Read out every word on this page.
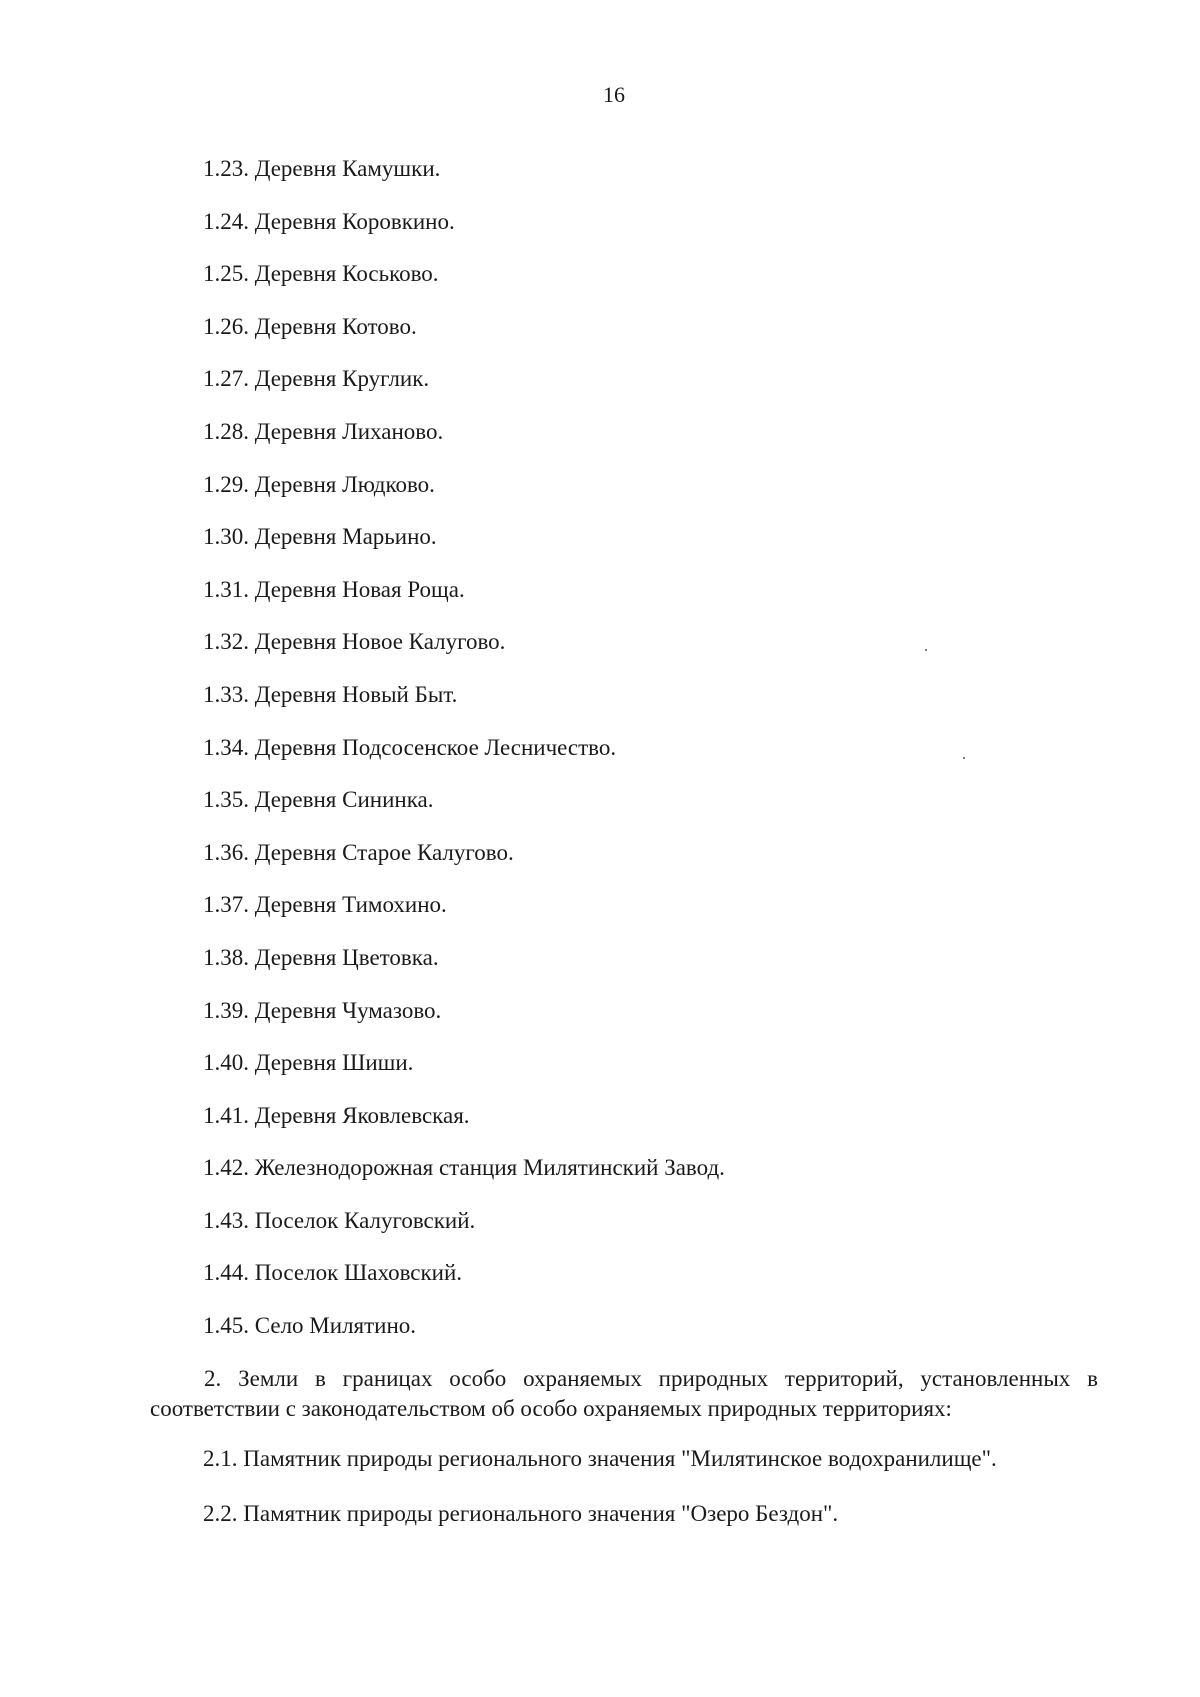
16
1.23. Деревня Камушки.
1.24. Деревня Коровкино.
1.25. Деревня Коськово.
1.26. Деревня Котово.
1.27. Деревня Круглик.
1.28. Деревня Лиханово.
1.29. Деревня Людково.
1.30. Деревня Марьино.
1.31. Деревня Новая Роща.
1.32. Деревня Новое Калугово.
1.33. Деревня Новый Быт.
1.34. Деревня Подсосенское Лесничество.
1.35. Деревня Сининка.
1.36. Деревня Старое Калугово.
1.37. Деревня Тимохино.
1.38. Деревня Цветовка.
1.39. Деревня Чумазово.
1.40. Деревня Шиши.
1.41. Деревня Яковлевская.
1.42. Железнодорожная станция Милятинский Завод.
1.43. Поселок Калуговский.
1.44. Поселок Шаховский.
1.45. Село Милятино.

2. Земли в границах особо охраняемых природных территорий, установленных в соответствии с законодательством об особо охраняемых природных территориях:

2.1. Памятник природы регионального значения "Милятинское водохранилище".

2.2. Памятник природы регионального значения "Озеро Бездон".
